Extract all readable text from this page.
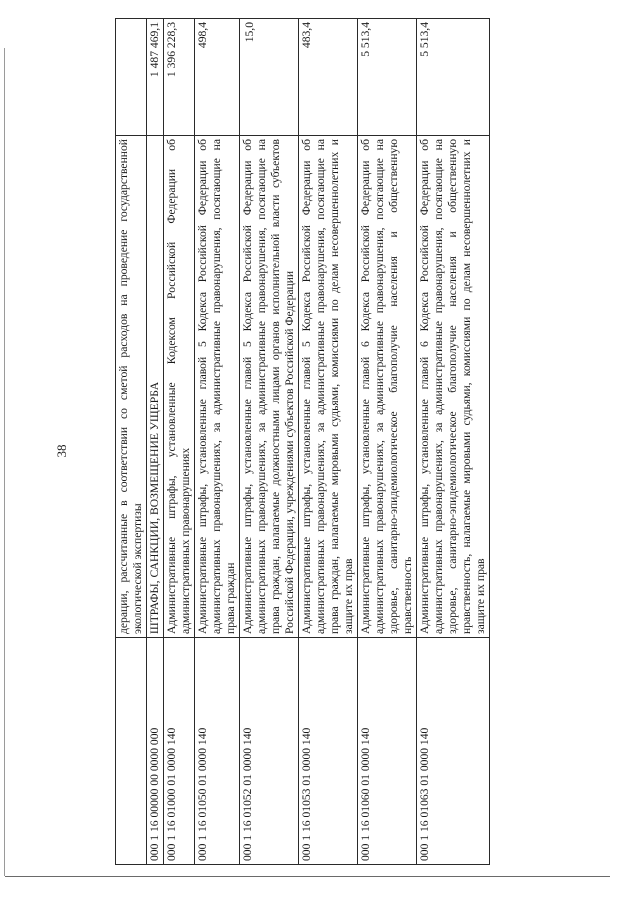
38
		дерации, рассчитанные в соответствии со сметой расходов на проведение государственной экологической экспертизы	
000 1 16 00000 00 0000 000	ШТРАФЫ, САНКЦИИ, ВОЗМЕЩЕНИЕ УЩЕРБА	1 487 469,1
000 1 16 01000 01 0000 140	Административные штрафы, установленные Кодексом Российской Федерации об административных правонарушениях	1 396 228,3
000 1 16 01050 01 0000 140	Административные штрафы, установленные главой 5 Кодекса Российской Федерации об административных правонарушениях, за административные правонарушения, посягающие на права граждан	498,4
000 1 16 01052 01 0000 140	Административные штрафы, установленные главой 5 Кодекса Российской Федерации об административных правонарушениях, за административные правонарушения, посягающие на права граждан, налагаемые должностными лицами органов исполнительной власти субъектов Российской Федерации, учреждениями субъектов Российской Федерации	15,0
000 1 16 01053 01 0000 140	Административные штрафы, установленные главой 5 Кодекса Российской Федерации об административных правонарушениях, за административные правонарушения, посягающие на права граждан, налагаемые мировыми судьями, комиссиями по делам несовершеннолетних и защите их прав	483,4
000 1 16 01060 01 0000 140	Административные штрафы, установленные главой 6 Кодекса Российской Федерации об административных правонарушениях, за административные правонарушения, посягающие на здоровье, санитарно-эпидемиологическое благополучие населения и общественную нравственность	5 513,4
000 1 16 01063 01 0000 140	Административные штрафы, установленные главой 6 Кодекса Российской Федерации об административных правонарушениях, за административные правонарушения, посягающие на здоровье, санитарно-эпидемиологическое благополучие населения и общественную нравственность, налагаемые мировыми судьями, комиссиями по делам несовершеннолетних и защите их прав	5 513,4
